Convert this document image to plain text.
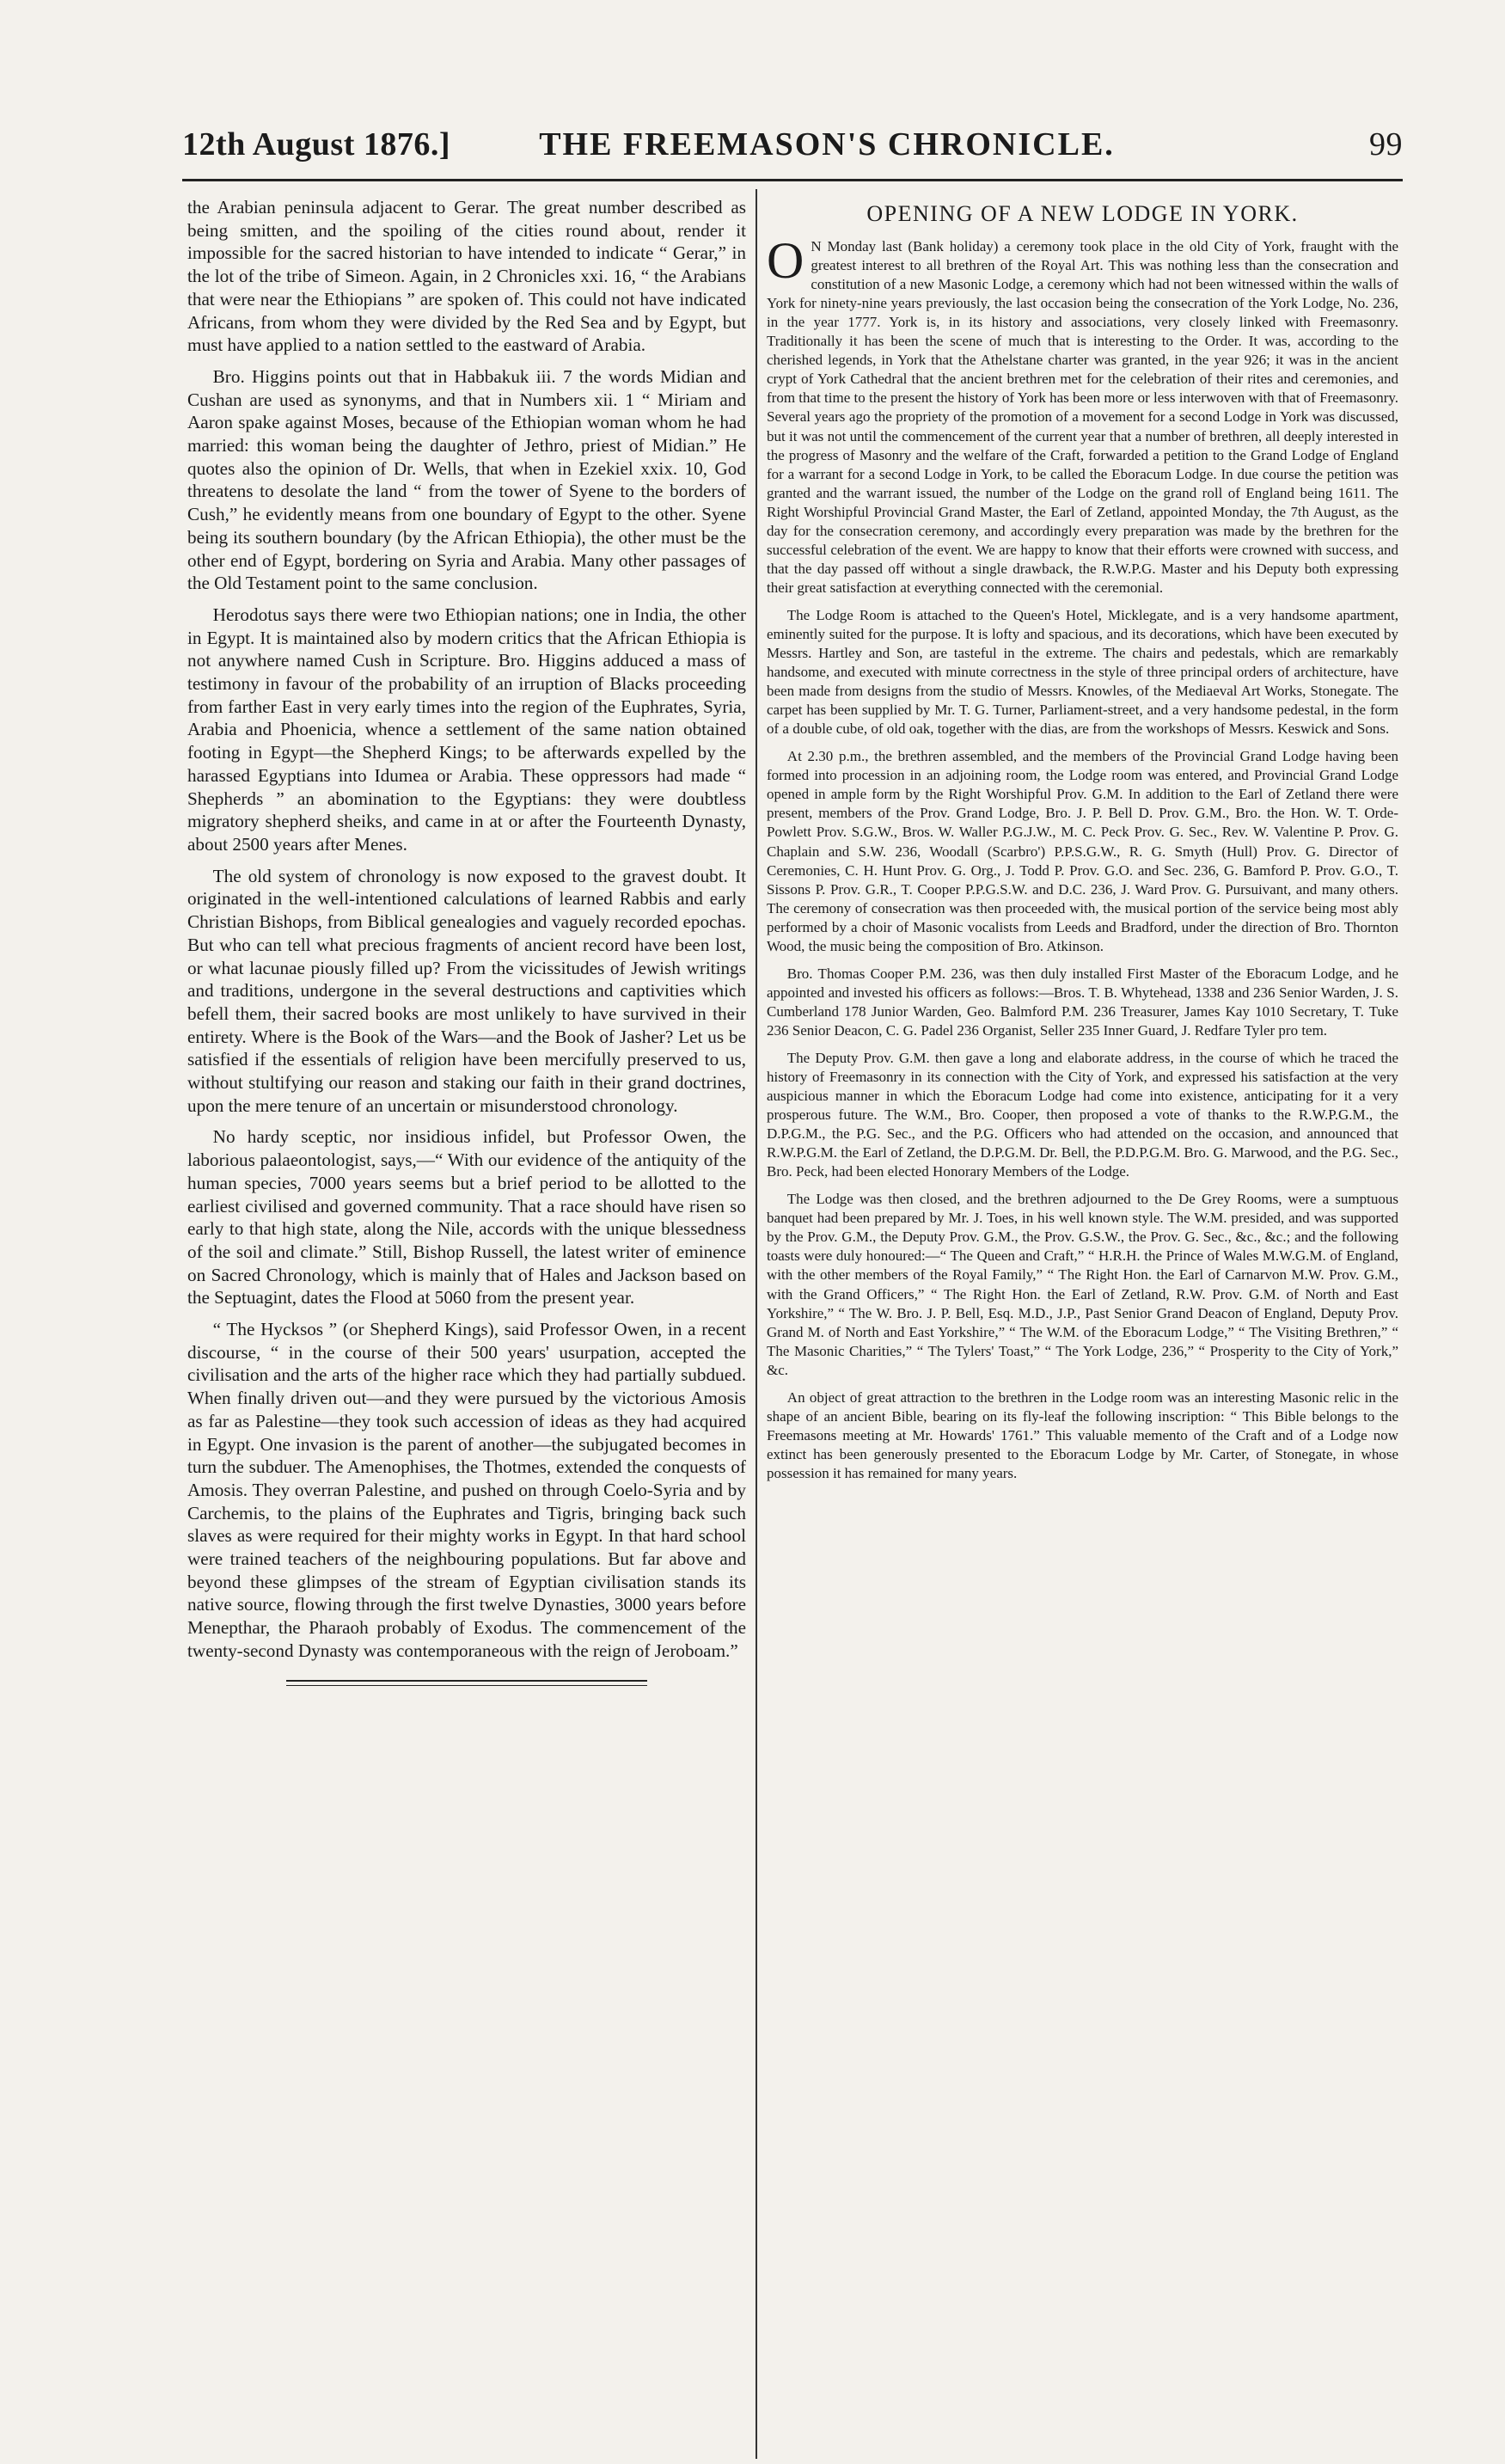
12th August 1876.]	THE FREEMASON'S CHRONICLE.	99

the Arabian peninsula adjacent to Gerar. The great number described as being smitten, and the spoiling of the cities round about, render it impossible for the sacred historian to have intended to indicate “ Gerar,” in the lot of the tribe of Simeon. Again, in 2 Chronicles xxi. 16, “ the Arabians that were near the Ethiopians ” are spoken of. This could not have indicated Africans, from whom they were divided by the Red Sea and by Egypt, but must have applied to a nation settled to the eastward of Arabia.

Bro. Higgins points out that in Habbakuk iii. 7 the words Midian and Cushan are used as synonyms, and that in Numbers xii. 1 “ Miriam and Aaron spake against Moses, because of the Ethiopian woman whom he had married: this woman being the daughter of Jethro, priest of Midian.” He quotes also the opinion of Dr. Wells, that when in Ezekiel xxix. 10, God threatens to desolate the land “ from the tower of Syene to the borders of Cush,” he evidently means from one boundary of Egypt to the other. Syene being its southern boundary (by the African Ethiopia), the other must be the other end of Egypt, bordering on Syria and Arabia. Many other passages of the Old Testament point to the same conclusion.

Herodotus says there were two Ethiopian nations; one in India, the other in Egypt. It is maintained also by modern critics that the African Ethiopia is not anywhere named Cush in Scripture. Bro. Higgins adduced a mass of testimony in favour of the probability of an irruption of Blacks proceeding from farther East in very early times into the region of the Euphrates, Syria, Arabia and Phoenicia, whence a settlement of the same nation obtained footing in Egypt—the Shepherd Kings; to be afterwards expelled by the harassed Egyptians into Idumea or Arabia. These oppressors had made “ Shepherds ” an abomination to the Egyptians: they were doubtless migratory shepherd sheiks, and came in at or after the Fourteenth Dynasty, about 2500 years after Menes.

The old system of chronology is now exposed to the gravest doubt. It originated in the well-intentioned calculations of learned Rabbis and early Christian Bishops, from Biblical genealogies and vaguely recorded epochas. But who can tell what precious fragments of ancient record have been lost, or what lacunae piously filled up? From the vicissitudes of Jewish writings and traditions, undergone in the several destructions and captivities which befell them, their sacred books are most unlikely to have survived in their entirety. Where is the Book of the Wars—and the Book of Jasher? Let us be satisfied if the essentials of religion have been mercifully preserved to us, without stultifying our reason and staking our faith in their grand doctrines, upon the mere tenure of an uncertain or misunderstood chronology.

No hardy sceptic, nor insidious infidel, but Professor Owen, the laborious palaeontologist, says,—“ With our evidence of the antiquity of the human species, 7000 years seems but a brief period to be allotted to the earliest civilised and governed community. That a race should have risen so early to that high state, along the Nile, accords with the unique blessedness of the soil and climate.” Still, Bishop Russell, the latest writer of eminence on Sacred Chronology, which is mainly that of Hales and Jackson based on the Septuagint, dates the Flood at 5060 from the present year.

“ The Hycksos ” (or Shepherd Kings), said Professor Owen, in a recent discourse, “ in the course of their 500 years' usurpation, accepted the civilisation and the arts of the higher race which they had partially subdued. When finally driven out—and they were pursued by the victorious Amosis as far as Palestine—they took such accession of ideas as they had acquired in Egypt. One invasion is the parent of another—the subjugated becomes in turn the subduer. The Amenophises, the Thotmes, extended the conquests of Amosis. They overran Palestine, and pushed on through Coelo-Syria and by Carchemis, to the plains of the Euphrates and Tigris, bringing back such slaves as were required for their mighty works in Egypt. In that hard school were trained teachers of the neighbouring populations. But far above and beyond these glimpses of the stream of Egyptian civilisation stands its native source, flowing through the first twelve Dynasties, 3000 years before Menepthar, the Pharaoh probably of Exodus. The commencement of the twenty-second Dynasty was contemporaneous with the reign of Jeroboam.”

OPENING OF A NEW LODGE IN YORK.

O N Monday last (Bank holiday) a ceremony took place in the old City of York, fraught with the greatest interest to all brethren of the Royal Art. This was nothing less than the consecration and constitution of a new Masonic Lodge, a ceremony which had not been witnessed within the walls of York for ninety-nine years previously, the last occasion being the consecration of the York Lodge, No. 236, in the year 1777. York is, in its history and associations, very closely linked with Freemasonry. Traditionally it has been the scene of much that is interesting to the Order. It was, according to the cherished legends, in York that the Athelstane charter was granted, in the year 926; it was in the ancient crypt of York Cathedral that the ancient brethren met for the celebration of their rites and ceremonies, and from that time to the present the history of York has been more or less interwoven with that of Freemasonry. Several years ago the propriety of the promotion of a movement for a second Lodge in York was discussed, but it was not until the commencement of the current year that a number of brethren, all deeply interested in the progress of Masonry and the welfare of the Craft, forwarded a petition to the Grand Lodge of England for a warrant for a second Lodge in York, to be called the Eboracum Lodge. In due course the petition was granted and the warrant issued, the number of the Lodge on the grand roll of England being 1611. The Right Worshipful Provincial Grand Master, the Earl of Zetland, appointed Monday, the 7th August, as the day for the consecration ceremony, and accordingly every preparation was made by the brethren for the successful celebration of the event. We are happy to know that their efforts were crowned with success, and that the day passed off without a single drawback, the R.W.P.G. Master and his Deputy both expressing their great satisfaction at everything connected with the ceremonial.

The Lodge Room is attached to the Queen's Hotel, Micklegate, and is a very handsome apartment, eminently suited for the purpose. It is lofty and spacious, and its decorations, which have been executed by Messrs. Hartley and Son, are tasteful in the extreme. The chairs and pedestals, which are remarkably handsome, and executed with minute correctness in the style of three principal orders of architecture, have been made from designs from the studio of Messrs. Knowles, of the Mediaeval Art Works, Stonegate. The carpet has been supplied by Mr. T. G. Turner, Parliament-street, and a very handsome pedestal, in the form of a double cube, of old oak, together with the dias, are from the workshops of Messrs. Keswick and Sons.

At 2.30 p.m., the brethren assembled, and the members of the Provincial Grand Lodge having been formed into procession in an adjoining room, the Lodge room was entered, and Provincial Grand Lodge opened in ample form by the Right Worshipful Prov. G.M. In addition to the Earl of Zetland there were present, members of the Prov. Grand Lodge, Bro. J. P. Bell D. Prov. G.M., Bro. the Hon. W. T. Orde-Powlett Prov. S.G.W., Bros. W. Waller P.G.J.W., M. C. Peck Prov. G. Sec., Rev. W. Valentine P. Prov. G. Chaplain and S.W. 236, Woodall (Scarbro') P.P.S.G.W., R. G. Smyth (Hull) Prov. G. Director of Ceremonies, C. H. Hunt Prov. G. Org., J. Todd P. Prov. G.O. and Sec. 236, G. Bamford P. Prov. G.O., T. Sissons P. Prov. G.R., T. Cooper P.P.G.S.W. and D.C. 236, J. Ward Prov. G. Pursuivant, and many others. The ceremony of consecration was then proceeded with, the musical portion of the service being most ably performed by a choir of Masonic vocalists from Leeds and Bradford, under the direction of Bro. Thornton Wood, the music being the composition of Bro. Atkinson.

Bro. Thomas Cooper P.M. 236, was then duly installed First Master of the Eboracum Lodge, and he appointed and invested his officers as follows:—Bros. T. B. Whytehead, 1338 and 236 Senior Warden, J. S. Cumberland 178 Junior Warden, Geo. Balmford P.M. 236 Treasurer, James Kay 1010 Secretary, T. Tuke 236 Senior Deacon, C. G. Padel 236 Organist, Seller 235 Inner Guard, J. Redfare Tyler pro tem.

The Deputy Prov. G.M. then gave a long and elaborate address, in the course of which he traced the history of Freemasonry in its connection with the City of York, and expressed his satisfaction at the very auspicious manner in which the Eboracum Lodge had come into existence, anticipating for it a very prosperous future. The W.M., Bro. Cooper, then proposed a vote of thanks to the R.W.P.G.M., the D.P.G.M., the P.G. Sec., and the P.G. Officers who had attended on the occasion, and announced that R.W.P.G.M. the Earl of Zetland, the D.P.G.M. Dr. Bell, the P.D.P.G.M. Bro. G. Marwood, and the P.G. Sec., Bro. Peck, had been elected Honorary Members of the Lodge.

The Lodge was then closed, and the brethren adjourned to the De Grey Rooms, were a sumptuous banquet had been prepared by Mr. J. Toes, in his well known style. The W.M. presided, and was supported by the Prov. G.M., the Deputy Prov. G.M., the Prov. G.S.W., the Prov. G. Sec., &c., &c.; and the following toasts were duly honoured:—“ The Queen and Craft,” “ H.R.H. the Prince of Wales M.W.G.M. of England, with the other members of the Royal Family,” “ The Right Hon. the Earl of Carnarvon M.W. Prov. G.M., with the Grand Officers,” “ The Right Hon. the Earl of Zetland, R.W. Prov. G.M. of North and East Yorkshire,” “ The W. Bro. J. P. Bell, Esq. M.D., J.P., Past Senior Grand Deacon of England, Deputy Prov. Grand M. of North and East Yorkshire,” “ The W.M. of the Eboracum Lodge,” “ The Visiting Brethren,” “ The Masonic Charities,” “ The Tylers' Toast,” “ The York Lodge, 236,” “ Prosperity to the City of York,” &c.

An object of great attraction to the brethren in the Lodge room was an interesting Masonic relic in the shape of an ancient Bible, bearing on its fly-leaf the following inscription: “ This Bible belongs to the Freemasons meeting at Mr. Howards' 1761.” This valuable memento of the Craft and of a Lodge now extinct has been generously presented to the Eboracum Lodge by Mr. Carter, of Stonegate, in whose possession it has remained for many years.
